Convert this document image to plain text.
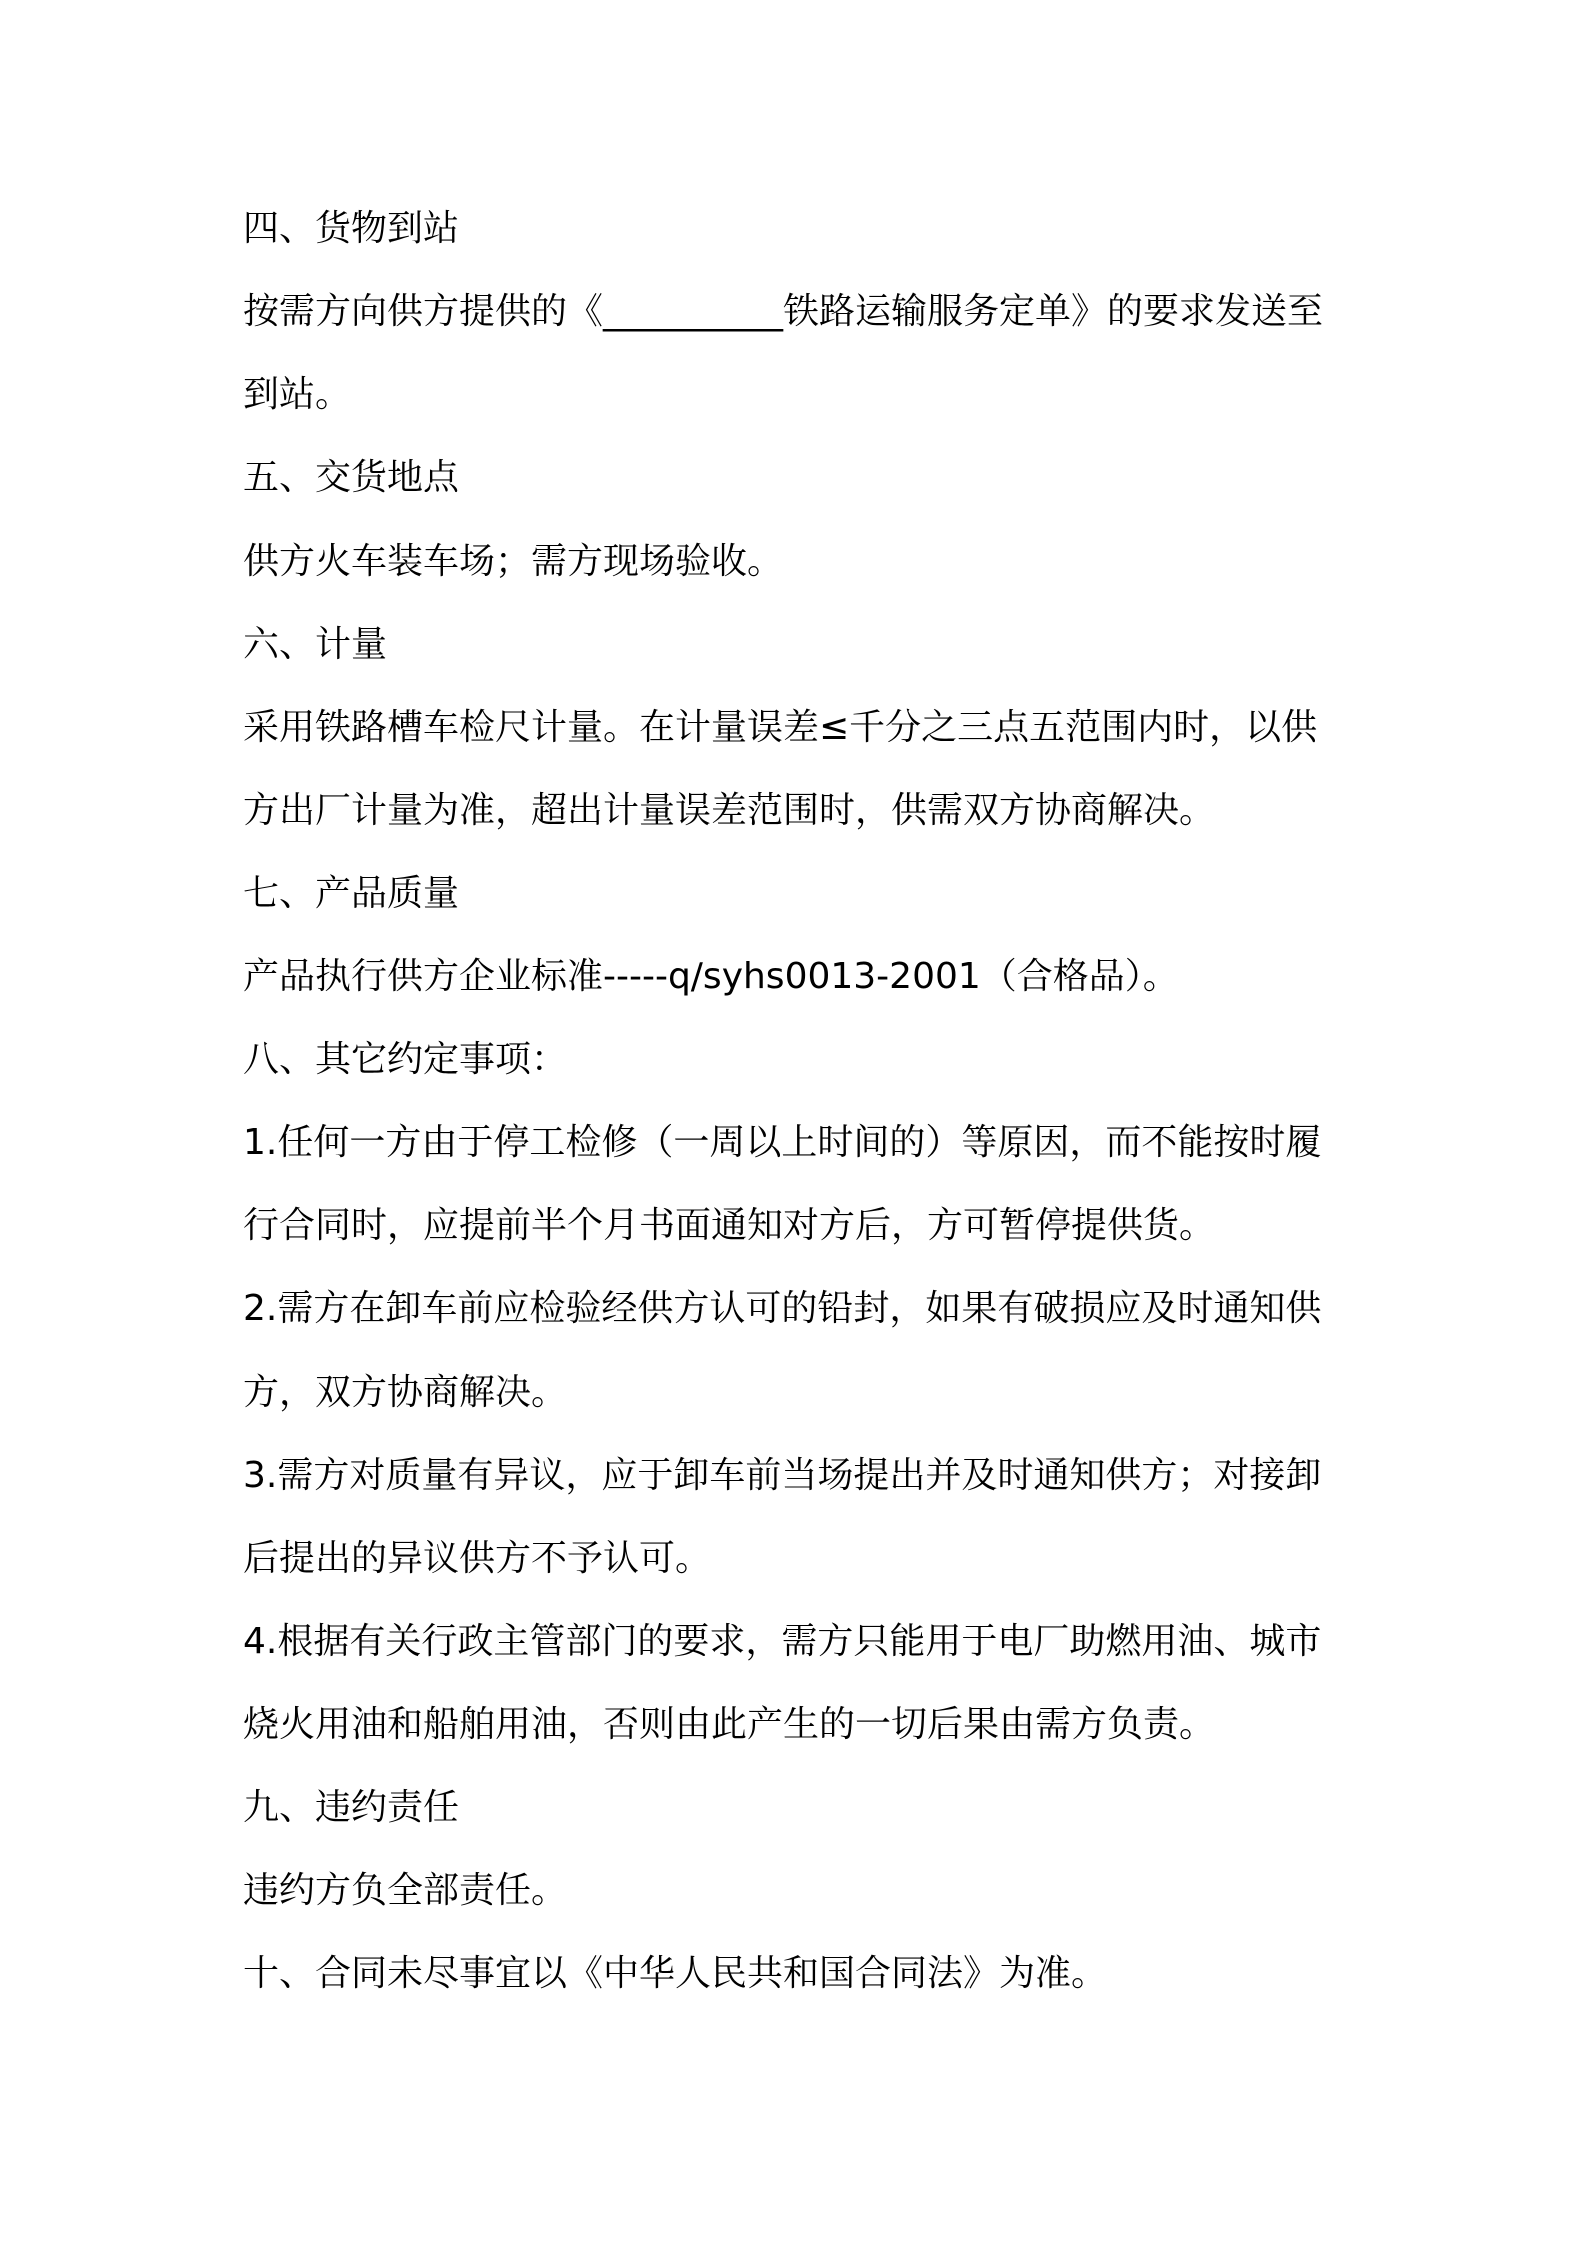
四、货物到站
按需方向供方提供的《__________铁路运输服务定单》的要求发送至
到站。
五、交货地点
供方火车装车场；需方现场验收。
六、计量
采用铁路槽车检尺计量。在计量误差≤千分之三点五范围内时，以供
方出厂计量为准，超出计量误差范围时，供需双方协商解决。
七、产品质量
产品执行供方企业标准-----q/syhs0013-2001（合格品）。
八、其它约定事项：
1.任何一方由于停工检修（一周以上时间的）等原因，而不能按时履
行合同时，应提前半个月书面通知对方后，方可暂停提供货。
2.需方在卸车前应检验经供方认可的铅封，如果有破损应及时通知供
方，双方协商解决。
3.需方对质量有异议，应于卸车前当场提出并及时通知供方；对接卸
后提出的异议供方不予认可。
4.根据有关行政主管部门的要求，需方只能用于电厂助燃用油、城市
烧火用油和船舶用油，否则由此产生的一切后果由需方负责。
九、违约责任
违约方负全部责任。
十、合同未尽事宜以《中华人民共和国合同法》为准。
